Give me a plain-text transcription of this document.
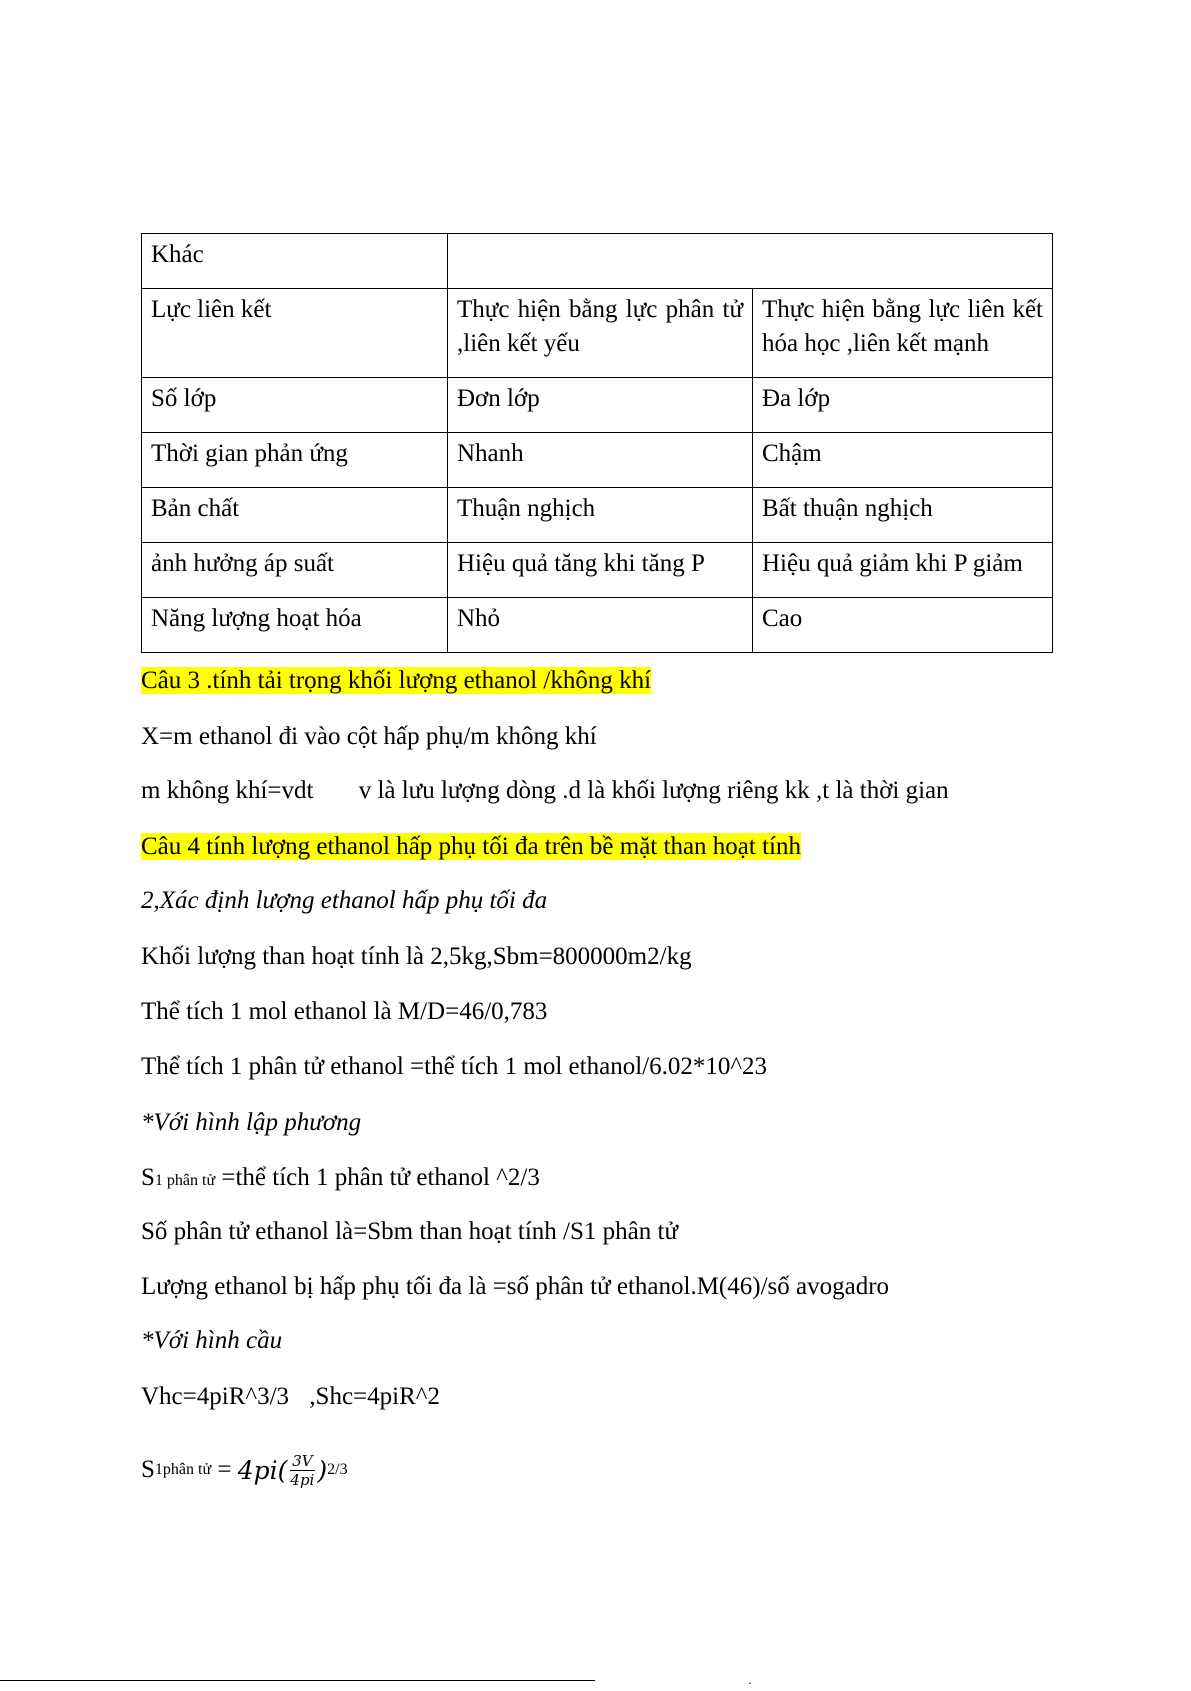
Khác		
Lực liên kết	Thực hiện bằng lực phân tử ,liên kết yếu	Thực hiện bằng lực liên kết hóa học ,liên kết mạnh
Số lớp	Đơn lớp	Đa lớp
Thời gian phản ứng	Nhanh	Chậm
Bản chất	Thuận nghịch	Bất thuận nghịch
ảnh hưởng áp suất	Hiệu quả tăng khi tăng P	Hiệu quả giảm khi P giảm
Năng lượng hoạt hóa	Nhỏ	Cao
Câu 3 .tính tải trọng khối lượng ethanol /không khí
X=m ethanol đi vào cột hấp phụ/m không khí
m không khí=vdt v là lưu lượng dòng .d là khối lượng riêng kk ,t là thời gian
Câu 4 tính lượng ethanol hấp phụ tối đa trên bề mặt than hoạt tính
2,Xác định lượng ethanol hấp phụ tối đa
Khối lượng than hoạt tính là 2,5kg,Sbm=800000m2/kg
Thể tích 1 mol ethanol là M/D=46/0,783
Thể tích 1 phân tử ethanol =thể tích 1 mol ethanol/6.02*10^23
*Với hình lập phương
S1 phân tử =thể tích 1 phân tử ethanol ^2/3
Số phân tử ethanol là=Sbm than hoạt tính /S1 phân tử
Lượng ethanol bị hấp phụ tối đa là =số phân tử ethanol.M(46)/số avogadro
*Với hình cầu
Vhc=4piR^3/3 ,Shc=4piR^2
S 1phân tử = $4pi( \frac{3V}{4pi}$ ) 2/3
·
